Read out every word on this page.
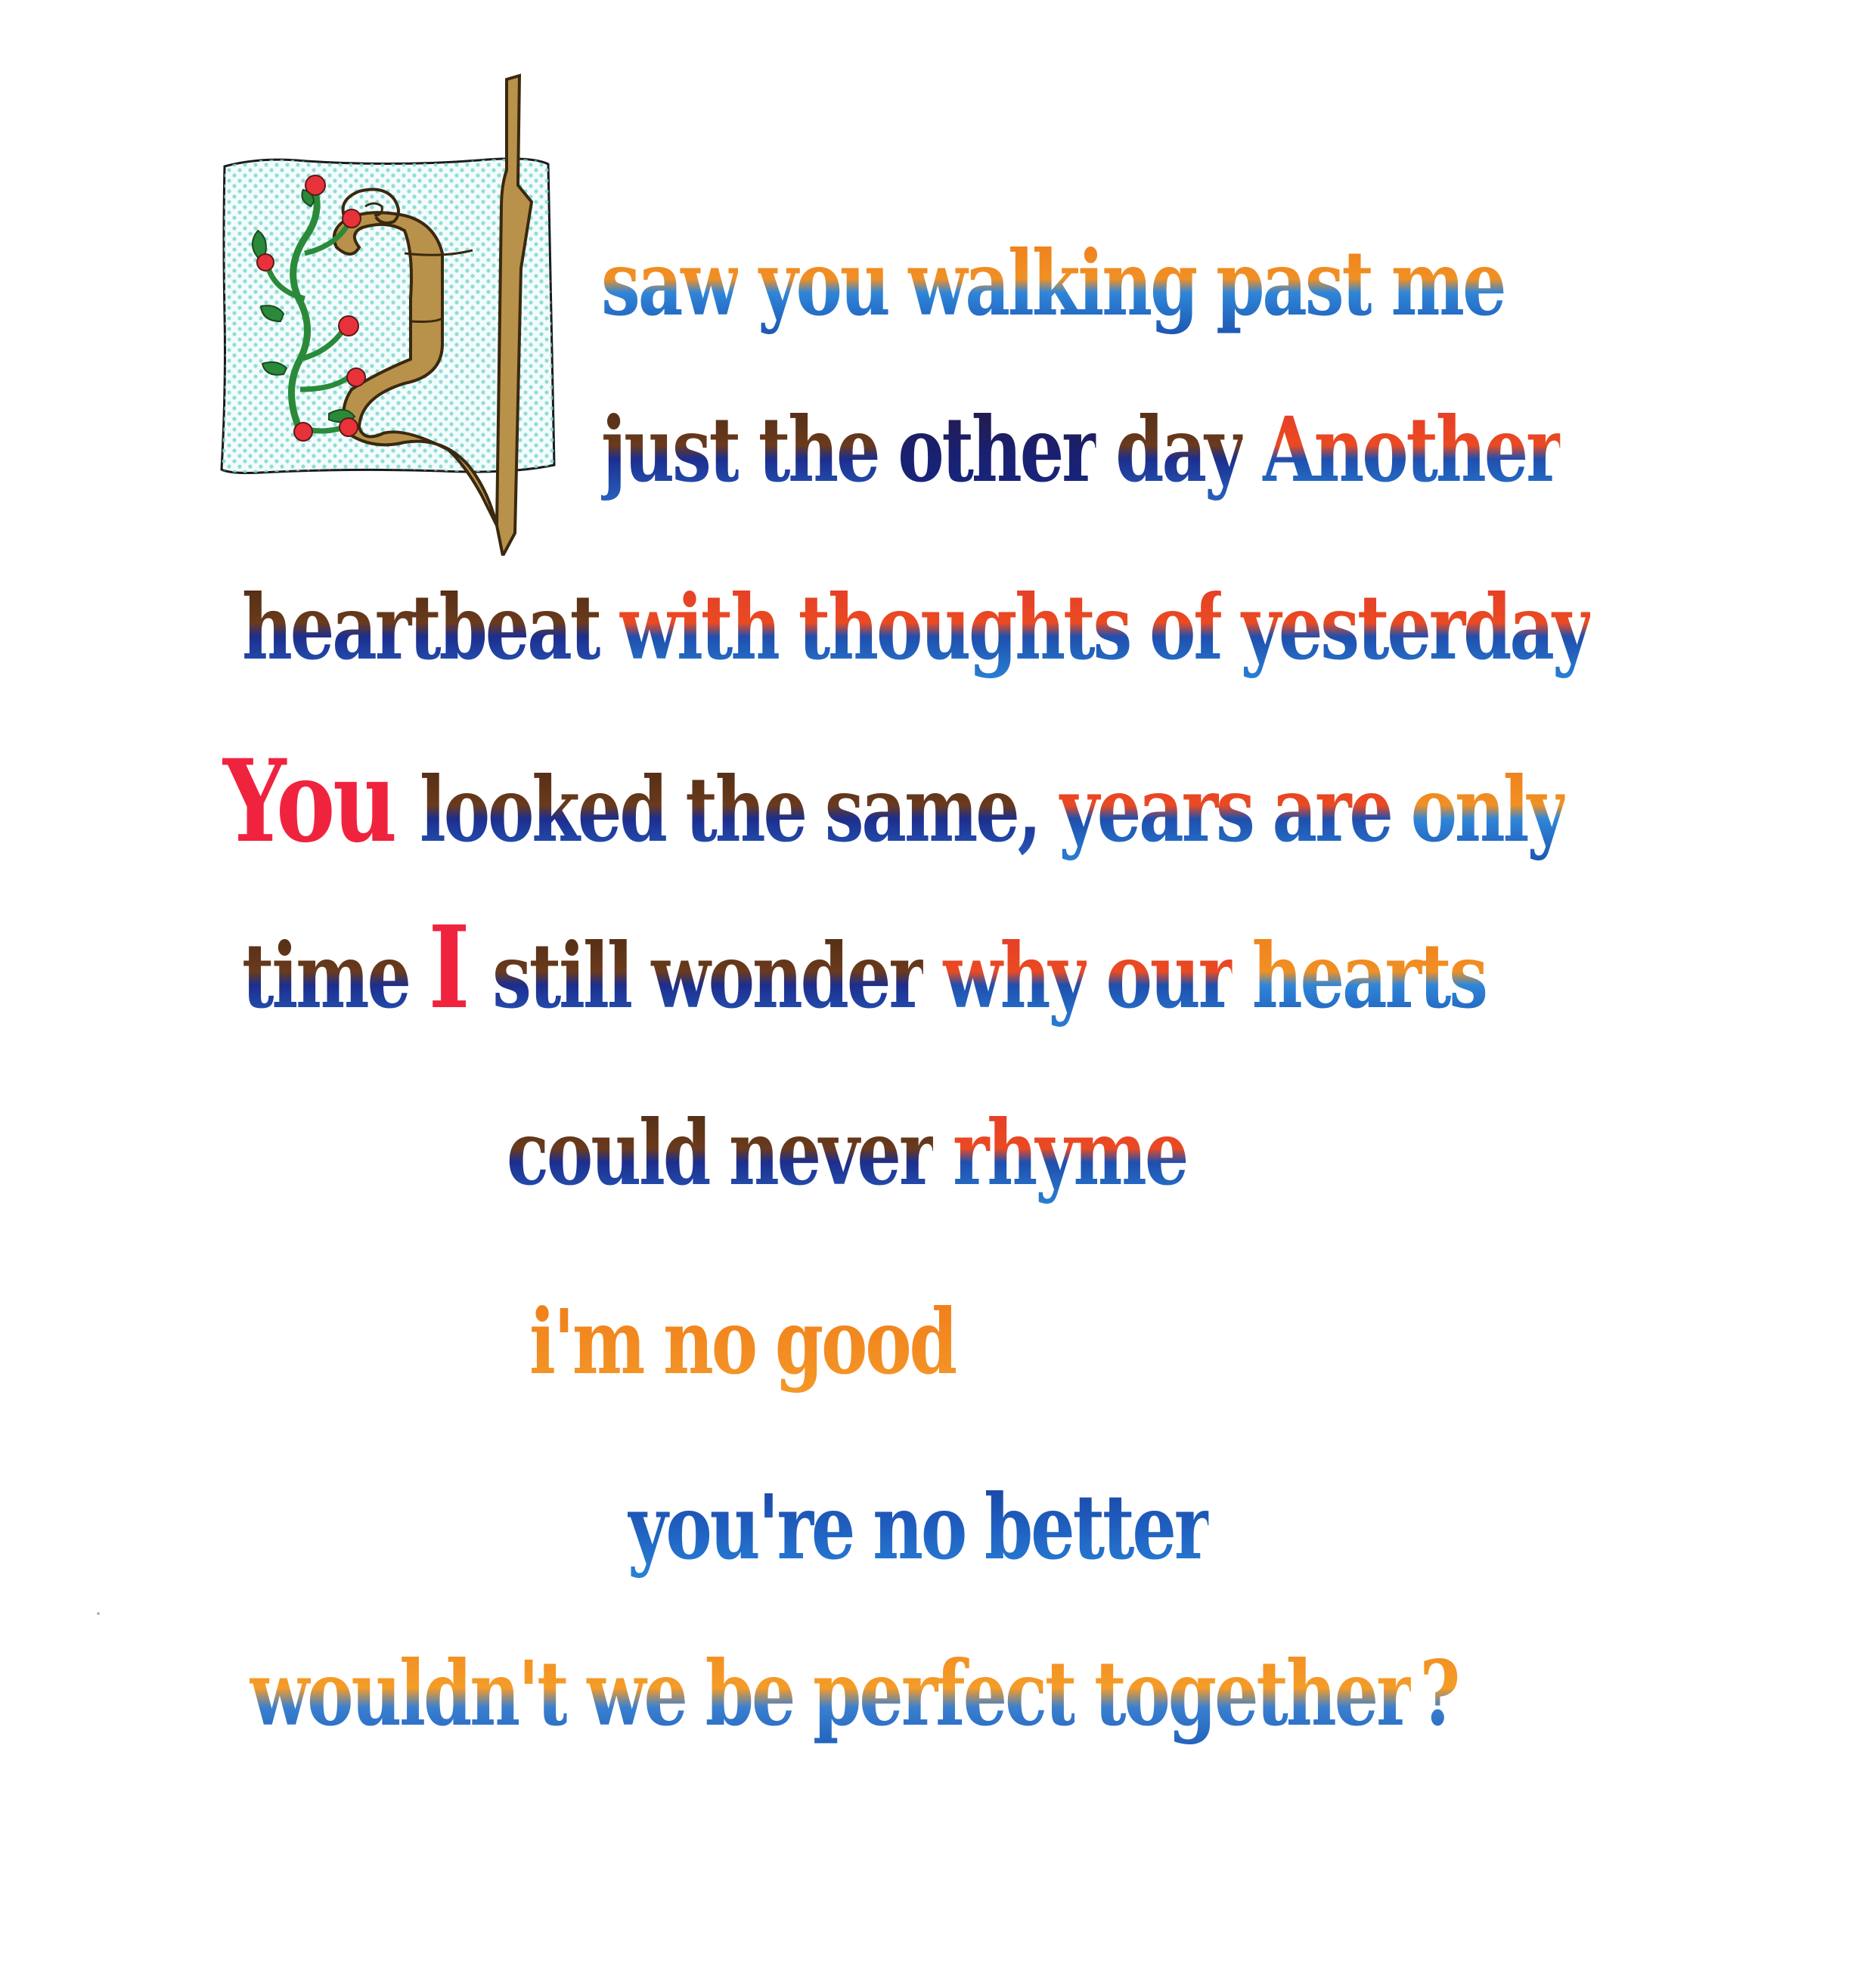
saw you walking past me
just the other day Another
heartbeat with thoughts of yesterday
You looked the same, years are only
time I still wonder why our hearts
could never rhyme
i'm no good
you're no better
wouldn't we be perfect together ?
